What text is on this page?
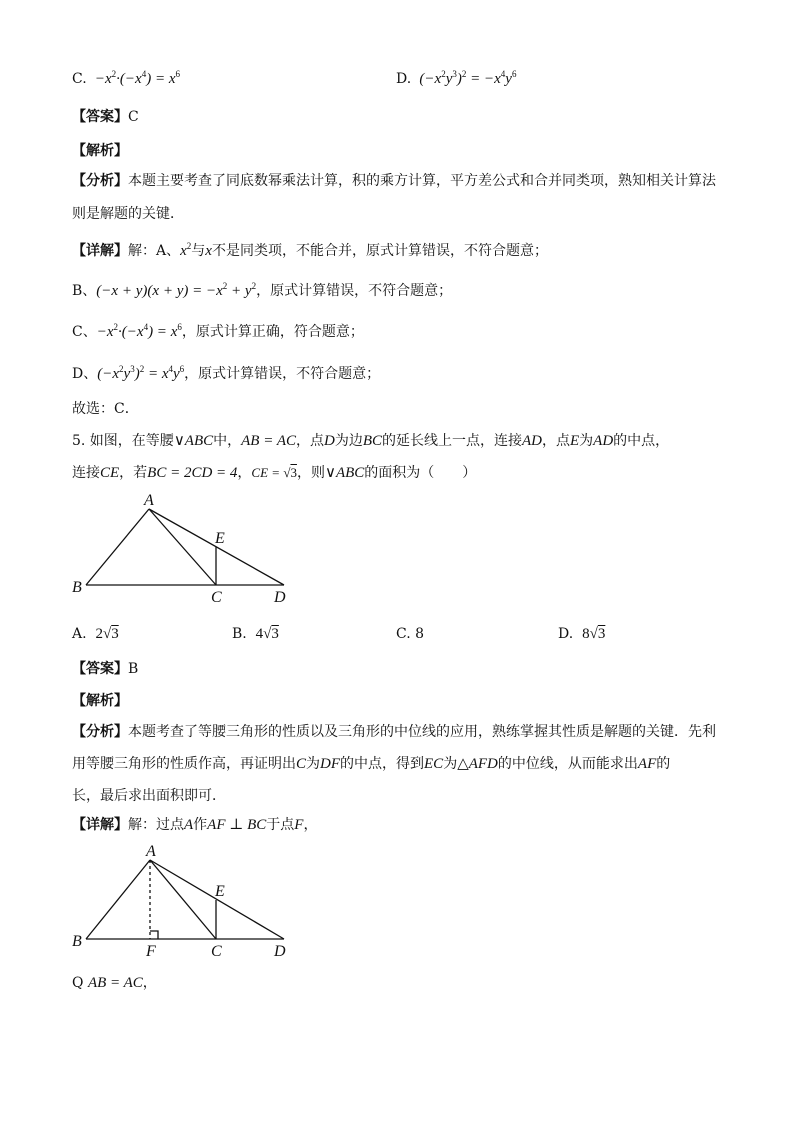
C.  $-x^2\cdot(-x^4) = x^6$	D.  $(-x^2y^3)^2 = -x^4y^6$
【答案】C
【解析】
【分析】本题主要考查了同底数幂乘法计算，积的乘方计算，平方差公式和合并同类项，熟知相关计算法
则是解题的关键．
【详解】解：A、$x^2$与x不是同类项，不能合并，原式计算错误，不符合题意；
B、$(-x + y)(x + y) = -x^2 + y^2$，原式计算错误，不符合题意；
C、$-x^2\cdot(-x^4) = x^6$，原式计算正确，符合题意；
D、$(-x^2y^3)^2 = x^4y^6$，原式计算错误，不符合题意；
故选：C．
5. 如图，在等腰∨ABC中，AB = AC，点D为边BC的延长线上一点，连接AD，点E为AD的中点，
连接CE，若BC = 2CD = 4，CE = √3，则∨ABC的面积为（　　）
A
B
C	D
E
A. 2√3	B. 4√3	C. 8	D. 8√3
【答案】B
【解析】
【分析】本题考查了等腰三角形的性质以及三角形的中位线的应用，熟练掌握其性质是解题的关键．先利
用等腰三角形的性质作高，再证明出C为DF的中点，得到EC为△AFD的中位线，从而能求出AF的
长，最后求出面积即可．
【详解】解：过点A作AF ⊥ BC于点F，
A
B
C	D
E
F
Q AB = AC，
